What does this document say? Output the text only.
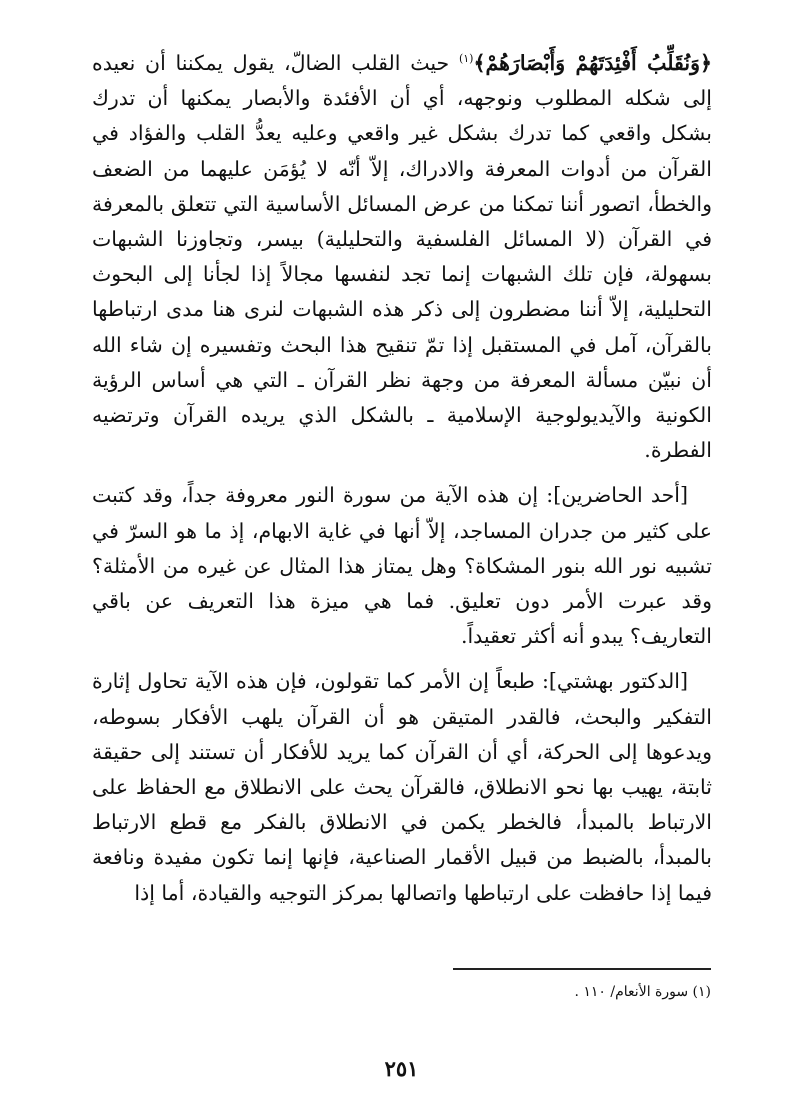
﴿وَنُقَلِّبُ أَفْئِدَتَهُمْ وَأَبْصَارَهُمْ﴾$^{(١)}$ حيث القلب الضالّ، يقول يمكننا أن نعيده إلى شكله المطلوب ونوجهه، أي أن الأفئدة والأبصار يمكنها أن تدرك بشكل واقعي كما تدرك بشكل غير واقعي وعليه يعدُّ القلب والفؤاد في القرآن من أدوات المعرفة والادراك، إلاّ أنّه لا يُؤمَن عليهما من الضعف والخطأ، اتصور أننا تمكنا من عرض المسائل الأساسية التي تتعلق بالمعرفة في القرآن (لا المسائل الفلسفية والتحليلية) بيسر، وتجاوزنا الشبهات بسهولة، فإن تلك الشبهات إنما تجد لنفسها مجالاً إذا لجأنا إلى البحوث التحليلية، إلاّ أننا مضطرون إلى ذكر هذه الشبهات لنرى هنا مدى ارتباطها بالقرآن، آمل في المستقبل إذا تمّ تنقيح هذا البحث وتفسيره إن شاء الله أن نبيّن مسألة المعرفة من وجهة نظر القرآن ـ التي هي أساس الرؤية الكونية والآيديولوجية الإسلامية ـ بالشكل الذي يريده القرآن وترتضيه الفطرة.

[أحد الحاضرين]: إن هذه الآية من سورة النور معروفة جداً، وقد كتبت على كثير من جدران المساجد، إلاّ أنها في غاية الابهام، إذ ما هو السرّ في تشبيه نور الله بنور المشكاة؟ وهل يمتاز هذا المثال عن غيره من الأمثلة؟ وقد عبرت الأمر دون تعليق. فما هي ميزة هذا التعريف عن باقي التعاريف؟ يبدو أنه أكثر تعقيداً.

[الدكتور بهشتي]: طبعاً إن الأمر كما تقولون، فإن هذه الآية تحاول إثارة التفكير والبحث، فالقدر المتيقن هو أن القرآن يلهب الأفكار بسوطه، ويدعوها إلى الحركة، أي أن القرآن كما يريد للأفكار أن تستند إلى حقيقة ثابتة، يهيب بها نحو الانطلاق، فالقرآن يحث على الانطلاق مع الحفاظ على الارتباط بالمبدأ، فالخطر يكمن في الانطلاق بالفكر مع قطع الارتباط بالمبدأ، بالضبط من قبيل الأقمار الصناعية، فإنها إنما تكون مفيدة ونافعة فيما إذا حافظت على ارتباطها واتصالها بمركز التوجيه والقيادة، أما إذا

(١) سورة الأنعام/ ١١٠ .
٢٥١
